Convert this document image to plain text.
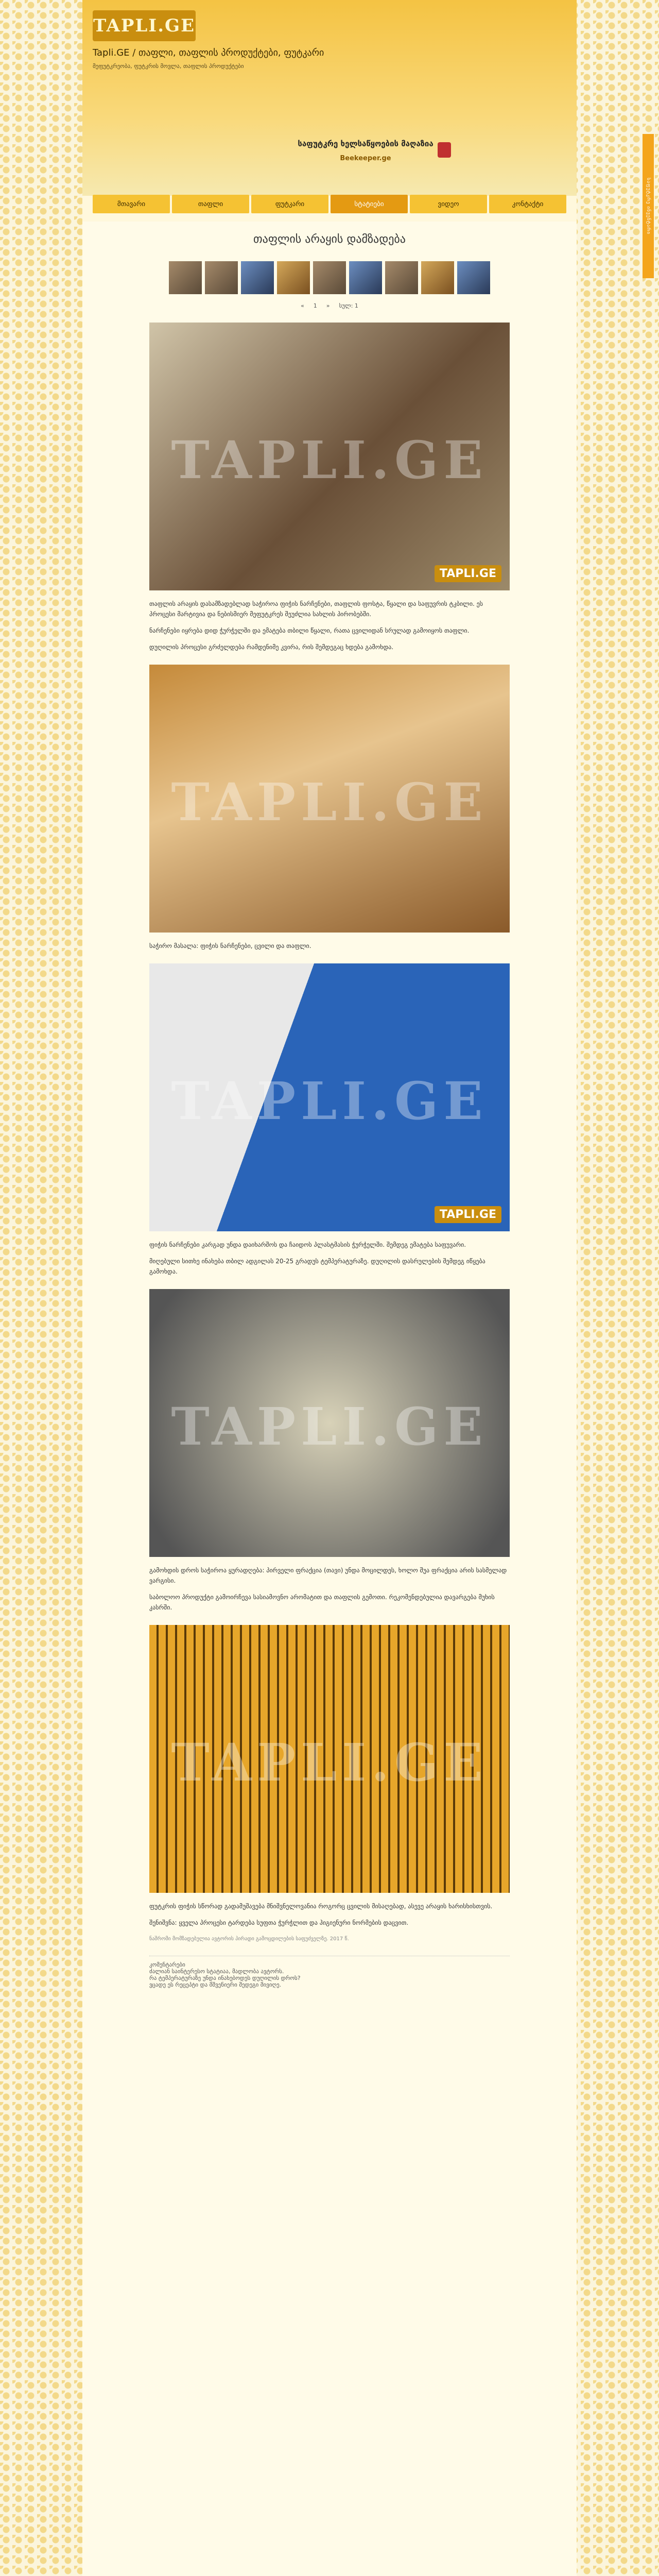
TAPLI.GE
Tapli.GE / თაფლი, თაფლის პროდუქტები, ფუტკარი
მეფუტკრეობა, ფუტკრის მოვლა, თაფლის პროდუქტები
საფუტკრე ხელსაწყოების მაღაზია
Beekeeper.ge
მთავარი	თაფლი	ფუტკარი	სტატიები	ვიდეო	კონტაქტი
თაფლის არაყის დამზადება
«	1	»	სულ: 1
TAPLI.GE
TAPLI.GE

თაფლის არაყის დასამზადებლად საჭიროა ფიჭის ნარჩენები, თაფლის ფოსტა, წყალი და საფუვრის ტკბილი. ეს პროცესი მარტივია და ნებისმიერ მეფუტკრეს შეუძლია სახლის პირობებში.

ნარჩენები იყრება დიდ ჭურჭელში და ემატება თბილი წყალი, რათა ცვილიდან სრულად გამოიყოს თაფლი.

დუღილის პროცესი გრძელდება რამდენიმე კვირა, რის შემდეგაც ხდება გამოხდა.

TAPLI.GE

საჭირო მასალა: ფიჭის ნარჩენები, ცვილი და თაფლი.

TAPLI.GE
TAPLI.GE

ფიჭის ნარჩენები კარგად უნდა დაიხარშოს და ჩაიდოს პლასტმასის ჭურჭელში. შემდეგ ემატება საფუვარი.

მიღებული სითხე ინახება თბილ ადგილას 20-25 გრადუს ტემპერატურაზე. დუღილის დასრულების შემდეგ იწყება გამოხდა.

TAPLI.GE

გამოხდის დროს საჭიროა ყურადღება: პირველი ფრაქცია (თავი) უნდა მოცილდეს, ხოლო შუა ფრაქცია არის სასმელად ვარგისი.

საბოლოო პროდუქტი გამოირჩევა სასიამოვნო არომატით და თაფლის გემოთი. რეკომენდებულია დავარგება მუხის კასრში.

TAPLI.GE

ფუტკრის ფიჭის სწორად გადამუშავება მნიშვნელოვანია როგორც ცვილის მისაღებად, ასევე არაყის ხარისხისთვის.

შენიშვნა: ყველა პროცესი ტარდება სუფთა ჭურჭლით და ჰიგიენური ნორმების დაცვით.

ნაშრომი მომზადებულია ავტორის პირადი გამოცდილების საფუძველზე. 2017 წ.

კომენტარები

ძალიან საინტერესო სტატიაა, მადლობა ავტორს.

რა ტემპერატურაზე უნდა ინახებოდეს დუღილის დროს?

ვცადე ეს რეცეპტი და მშვენიერი შედეგი მივიღე.

საფუტკრე ინვენტარი
